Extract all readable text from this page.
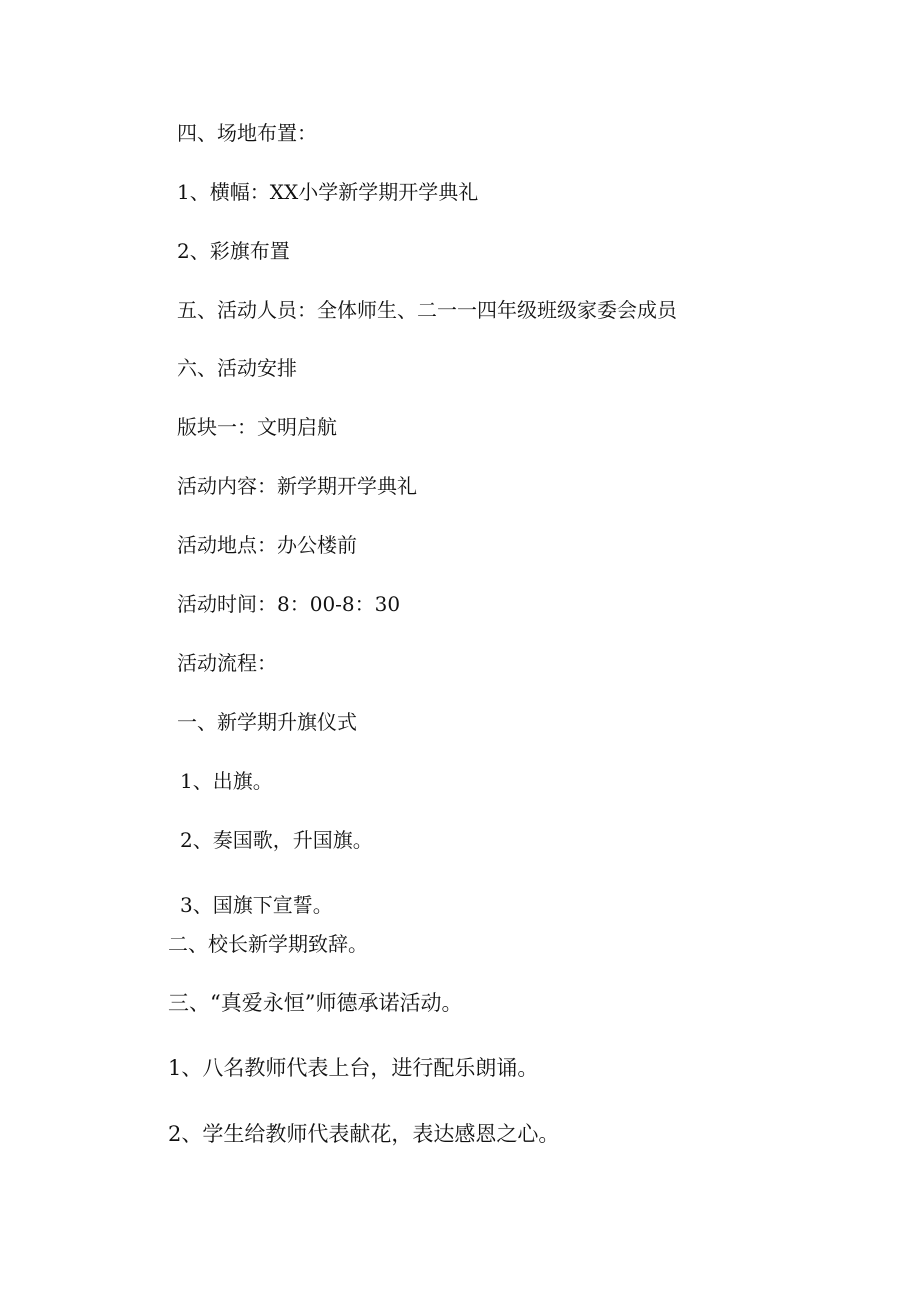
四、场地布置：

1、横幅：XX小学新学期开学典礼

2、彩旗布置

五、活动人员：全体师生、二一一四年级班级家委会成员

六、活动安排

版块一：文明启航

活动内容：新学期开学典礼

活动地点：办公楼前

活动时间：8：00-8：30

活动流程：

一、新学期升旗仪式

1、出旗。

2、奏国歌，升国旗。

3、国旗下宣誓。

二、校长新学期致辞。

三、“真爱永恒”师德承诺活动。

1、八名教师代表上台，进行配乐朗诵。

2、学生给教师代表献花，表达感恩之心。
